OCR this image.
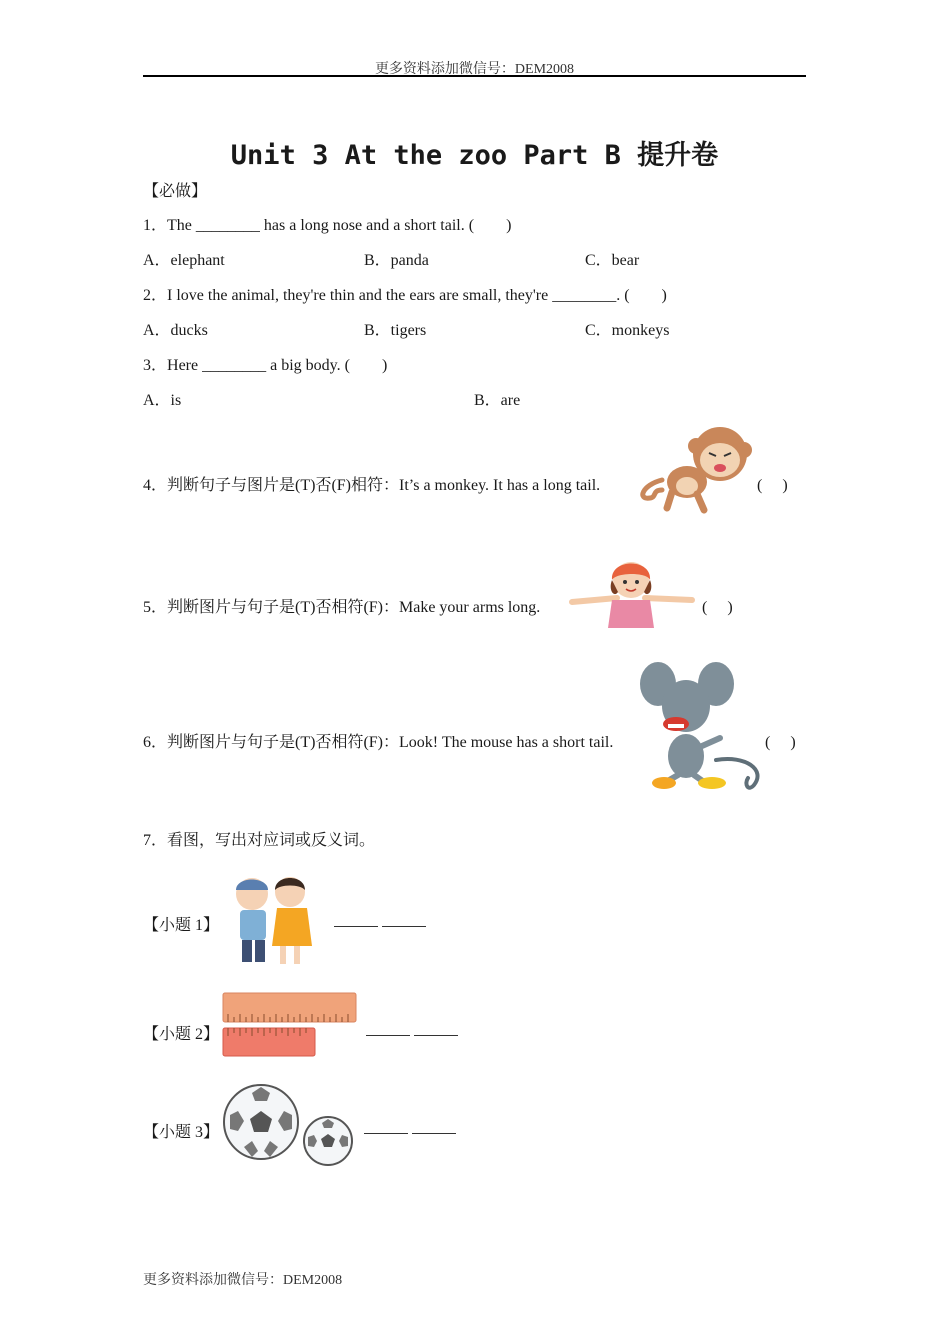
更多资料添加微信号：DEM2008
Unit 3 At the zoo Part B 提升卷
【必做】
1．The ________ has a long nose and a short tail. (　　)
A．elephant	B．panda	C．bear
2．I love the animal, they're thin and the ears are small, they're ________. (　　)
A．ducks	B．tigers	C．monkeys
3．Here ________ a big body. (　　)
A．is	B．are
4．判断句子与图片是(T)否(F)相符：It’s a monkey. It has a long tail.	(　 )
5．判断图片与句子是(T)否相符(F)：Make your arms long.	(　 )
6．判断图片与句子是(T)否相符(F)：Look! The mouse has a short tail.	(　 )
7．看图，写出对应词或反义词。
【小题 1】
【小题 2】
【小题 3】
更多资料添加微信号：DEM2008
